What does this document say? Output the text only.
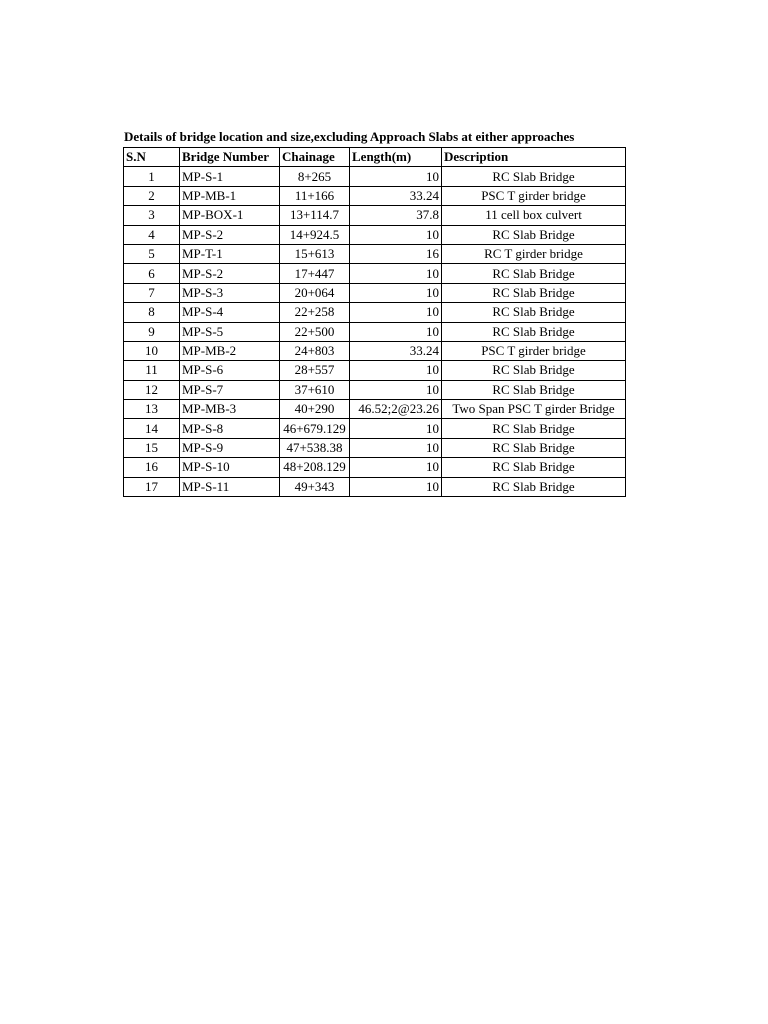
Details of bridge location and size,excluding Approach Slabs at either approaches
S.N	Bridge Number	Chainage	Length(m)	Description
1	MP-S-1	8+265	10	RC Slab Bridge
2	MP-MB-1	11+166	33.24	PSC T girder bridge
3	MP-BOX-1	13+114.7	37.8	11 cell box culvert
4	MP-S-2	14+924.5	10	RC Slab Bridge
5	MP-T-1	15+613	16	RC T girder bridge
6	MP-S-2	17+447	10	RC Slab Bridge
7	MP-S-3	20+064	10	RC Slab Bridge
8	MP-S-4	22+258	10	RC Slab Bridge
9	MP-S-5	22+500	10	RC Slab Bridge
10	MP-MB-2	24+803	33.24	PSC T girder bridge
11	MP-S-6	28+557	10	RC Slab Bridge
12	MP-S-7	37+610	10	RC Slab Bridge
13	MP-MB-3	40+290	46.52;2@23.26	Two Span PSC T girder Bridge
14	MP-S-8	46+679.129	10	RC Slab Bridge
15	MP-S-9	47+538.38	10	RC Slab Bridge
16	MP-S-10	48+208.129	10	RC Slab Bridge
17	MP-S-11	49+343	10	RC Slab Bridge
